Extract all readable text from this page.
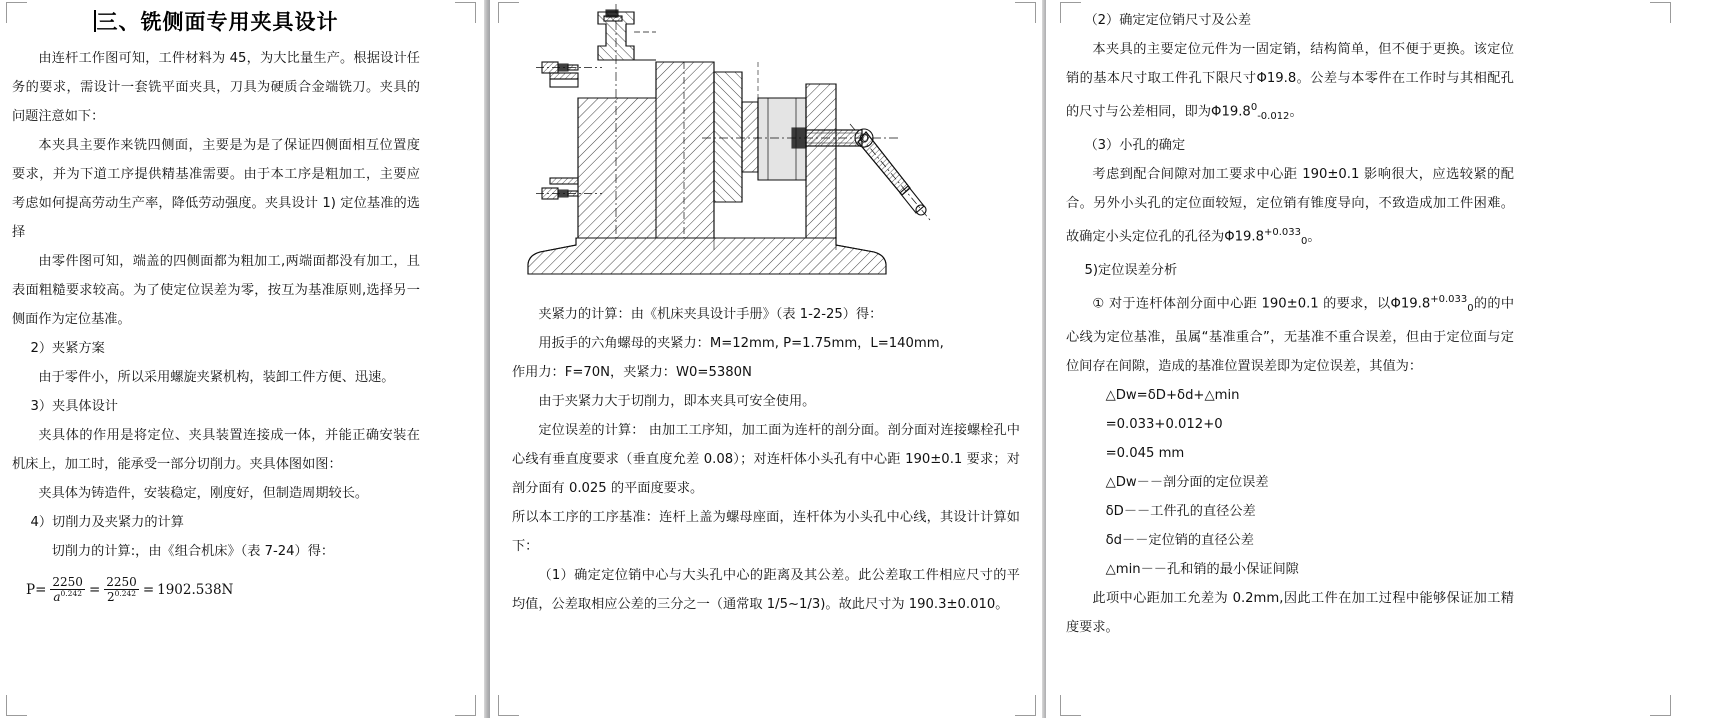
三、铣侧面专用夹具设计

由连杆工作图可知，工件材料为 45，为大比量生产。根据设计任务的要求，需设计一套铣平面夹具，刀具为硬质合金端铣刀。夹具的问题注意如下：

本夹具主要作来铣四侧面，主要是为是了保证四侧面相互位置度要求，并为下道工序提供精基准需要。由于本工序是粗加工，主要应考虑如何提高劳动生产率，降低劳动强度。夹具设计 1) 定位基准的选择

由零件图可知，端盖的四侧面都为粗加工,两端面都没有加工，且表面粗糙要求较高。为了使定位误差为零，按互为基准原则,选择另一侧面作为定位基准。

2）夹紧方案

由于零件小，所以采用螺旋夹紧机构，装卸工件方便、迅速。

3）夹具体设计

夹具体的作用是将定位、夹具装置连接成一体，并能正确安装在机床上，加工时，能承受一部分切削力。夹具体图如图：

夹具体为铸造件，安装稳定，刚度好，但制造周期较长。

4）切削力及夹紧力的计算

切削力的计算:，由《组合机床》（表 7-24）得：

$P= \frac{2250}{a^{0.242}} = \frac{2250}{2^{0.242}} = 1902.538N$

夹紧力的计算：由《机床夹具设计手册》（表 1-2-25）得：

用扳手的六角螺母的夹紧力：M=12mm, P=1.75mm，L=140mm,

作用力：F=70N，夹紧力：W0=5380N

由于夹紧力大于切削力，即本夹具可安全使用。

定位误差的计算： 由加工工序知，加工面为连杆的剖分面。剖分面对连接螺栓孔中心线有垂直度要求（垂直度允差 0.08）；对连杆体小头孔有中心距 190±0.1 要求；对剖分面有 0.025 的平面度要求。

所以本工序的工序基准：连杆上盖为螺母座面，连杆体为小头孔中心线，其设计计算如下：

（1）确定定位销中心与大头孔中心的距离及其公差。此公差取工件相应尺寸的平均值，公差取相应公差的三分之一（通常取 1/5~1/3)。故此尺寸为 190.3±0.010。

（2）确定定位销尺寸及公差

本夹具的主要定位元件为一固定销，结构简单，但不便于更换。该定位销的基本尺寸取工件孔下限尺寸Φ19.8。公差与本零件在工作时与其相配孔的尺寸与公差相同，即为$\Phi 19.8^0_{-0.012}$。

（3）小孔的确定

考虑到配合间隙对加工要求中心距 190±0.1 影响很大，应选较紧的配合。另外小头孔的定位面较短，定位销有锥度导向，不致造成加工件困难。故确定小头定位孔的孔径为$\Phi 19.8^{+0.033}_0$。

5)定位误差分析

① 对于连杆体剖分面中心距 190±0.1 的要求，以$\Phi 19.8^{+0.033}_0$的的中心线为定位基准，虽属“基准重合”，无基准不重合误差，但由于定位面与定位间存在间隙，造成的基准位置误差即为定位误差，其值为：

△Dw=δD+δd+△min

=0.033+0.012+0

=0.045 mm

△Dw－－剖分面的定位误差

δD－－工件孔的直径公差

δd－－定位销的直径公差

△min－－孔和销的最小保证间隙

此项中心距加工允差为 0.2mm,因此工件在加工过程中能够保证加工精度要求。
